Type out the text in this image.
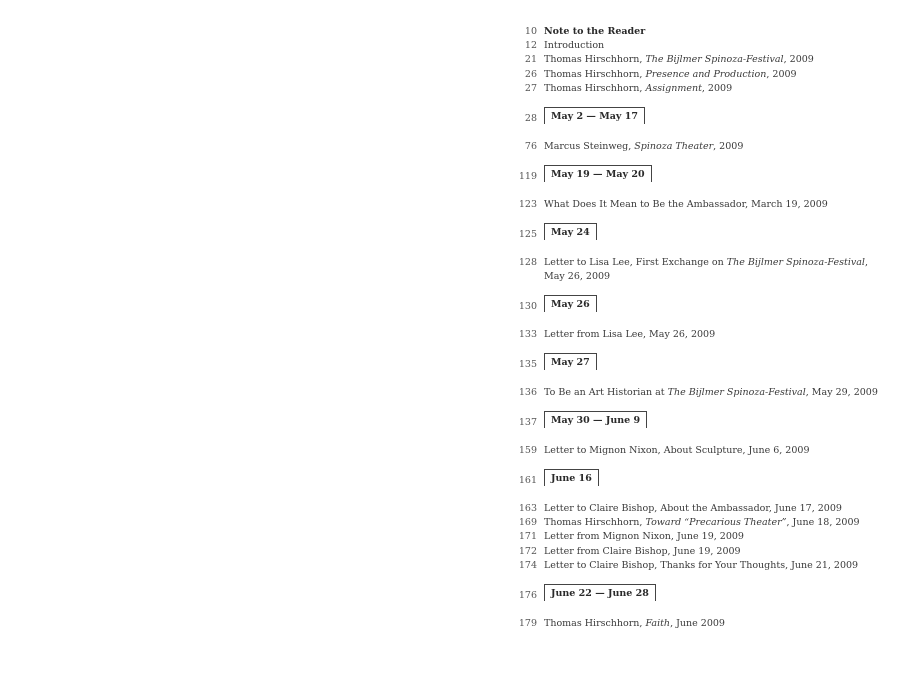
10 Note to the Reader
12 Introduction
21 Thomas Hirschhorn, The Bijlmer Spinoza-Festival, 2009
26 Thomas Hirschhorn, Presence and Production, 2009
27 Thomas Hirschhorn, Assignment, 2009
28	May 2 — May 17
76 Marcus Steinweg, Spinoza Theater, 2009
119	May 19 — May 20
123 What Does It Mean to Be the Ambassador, March 19, 2009
125	May 24
128 Letter to Lisa Lee, First Exchange on The Bijlmer Spinoza-Festival,
May 26, 2009
130	May 26
133 Letter from Lisa Lee, May 26, 2009
135	May 27
136 To Be an Art Historian at The Bijlmer Spinoza-Festival, May 29, 2009
137	May 30 — June 9
159 Letter to Mignon Nixon, About Sculpture, June 6, 2009
161	June 16
163 Letter to Claire Bishop, About the Ambassador, June 17, 2009
169 Thomas Hirschhorn, Toward “Precarious Theater”, June 18, 2009
171 Letter from Mignon Nixon, June 19, 2009
172 Letter from Claire Bishop, June 19, 2009
174 Letter to Claire Bishop, Thanks for Your Thoughts, June 21, 2009
176	June 22 — June 28
179 Thomas Hirschhorn, Faith, June 2009
